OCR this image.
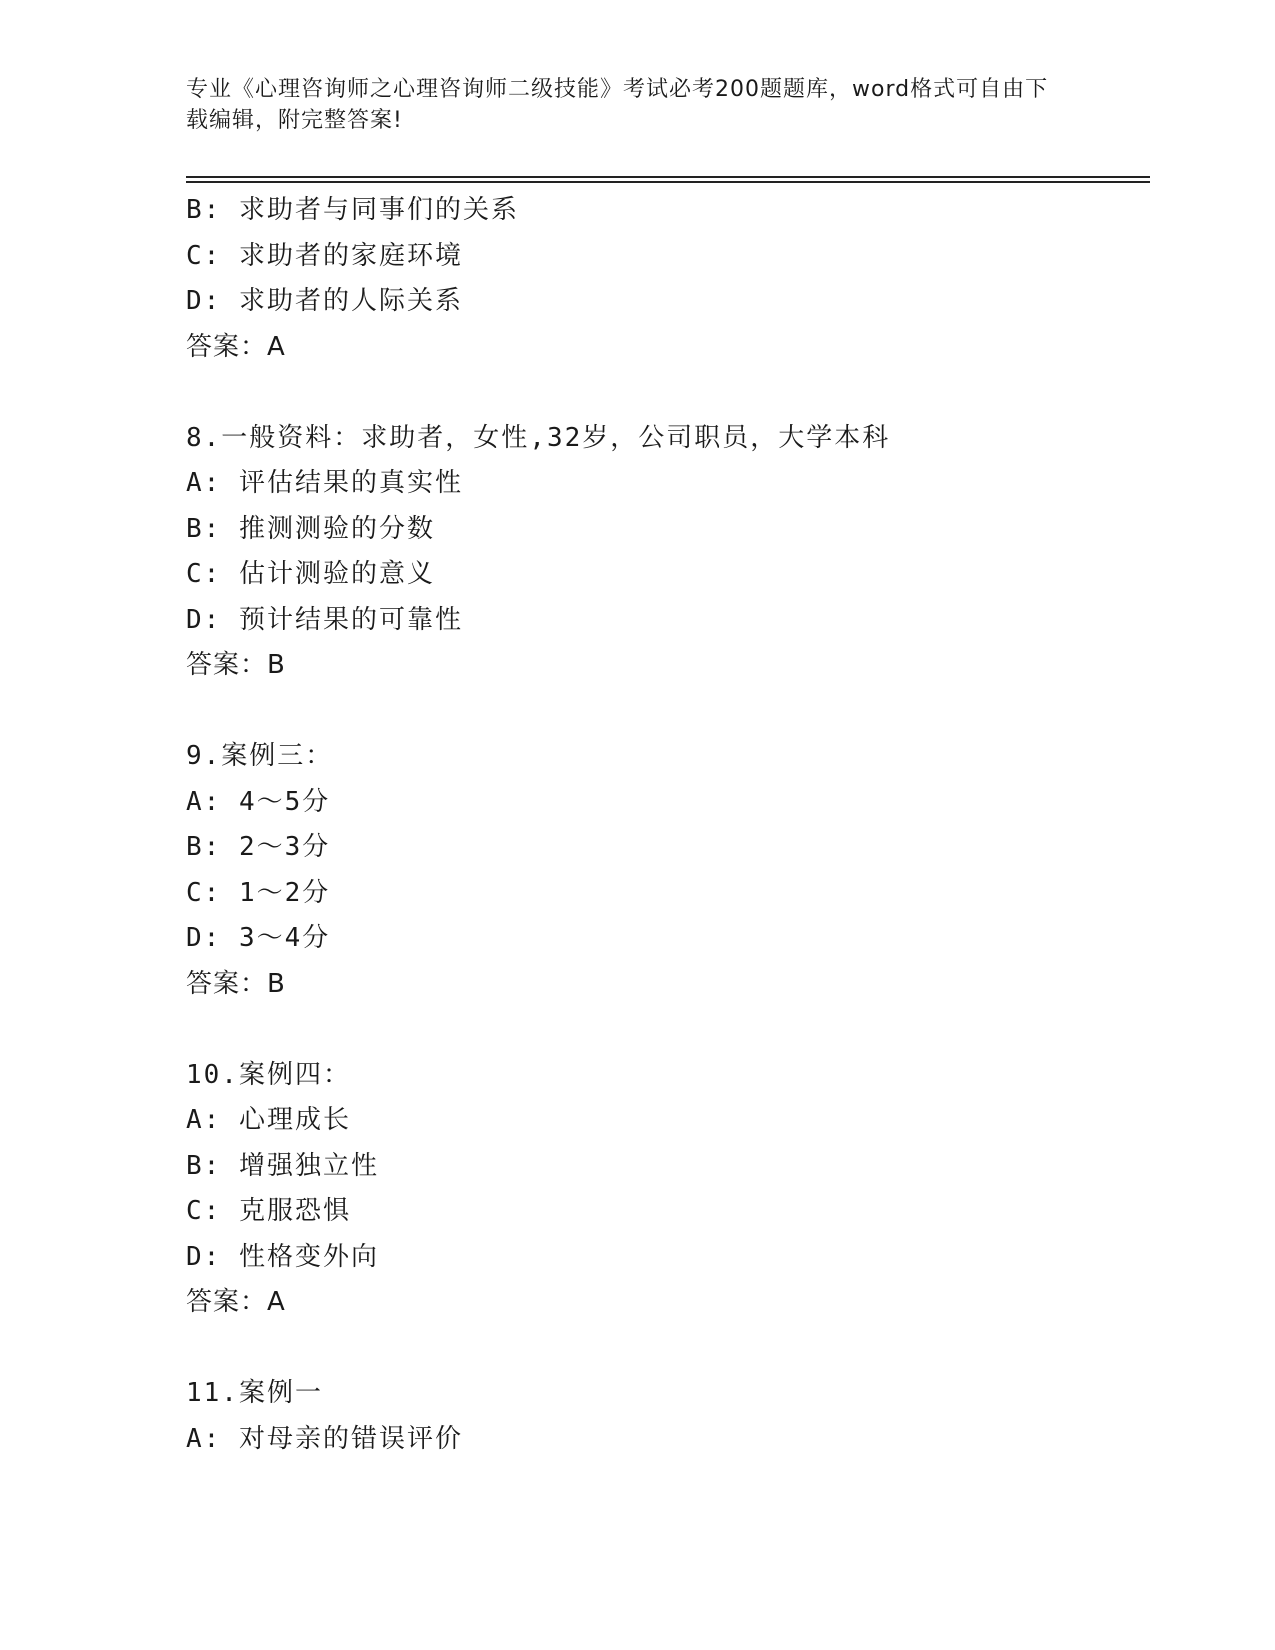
专业《心理咨询师之心理咨询师二级技能》考试必考200题题库，word格式可自由下载编辑，附完整答案!
B: 求助者与同事们的关系
C: 求助者的家庭环境
D: 求助者的人际关系
答案：A
8.一般资料：求助者，女性,32岁，公司职员，大学本科
A: 评估结果的真实性
B: 推测测验的分数
C: 估计测验的意义
D: 预计结果的可靠性
答案：B
9.案例三：
A: 4～5分
B: 2～3分
C: 1～2分
D: 3～4分
答案：B
10.案例四：
A: 心理成长
B: 增强独立性
C: 克服恐惧
D: 性格变外向
答案：A
11.案例一
A: 对母亲的错误评价
